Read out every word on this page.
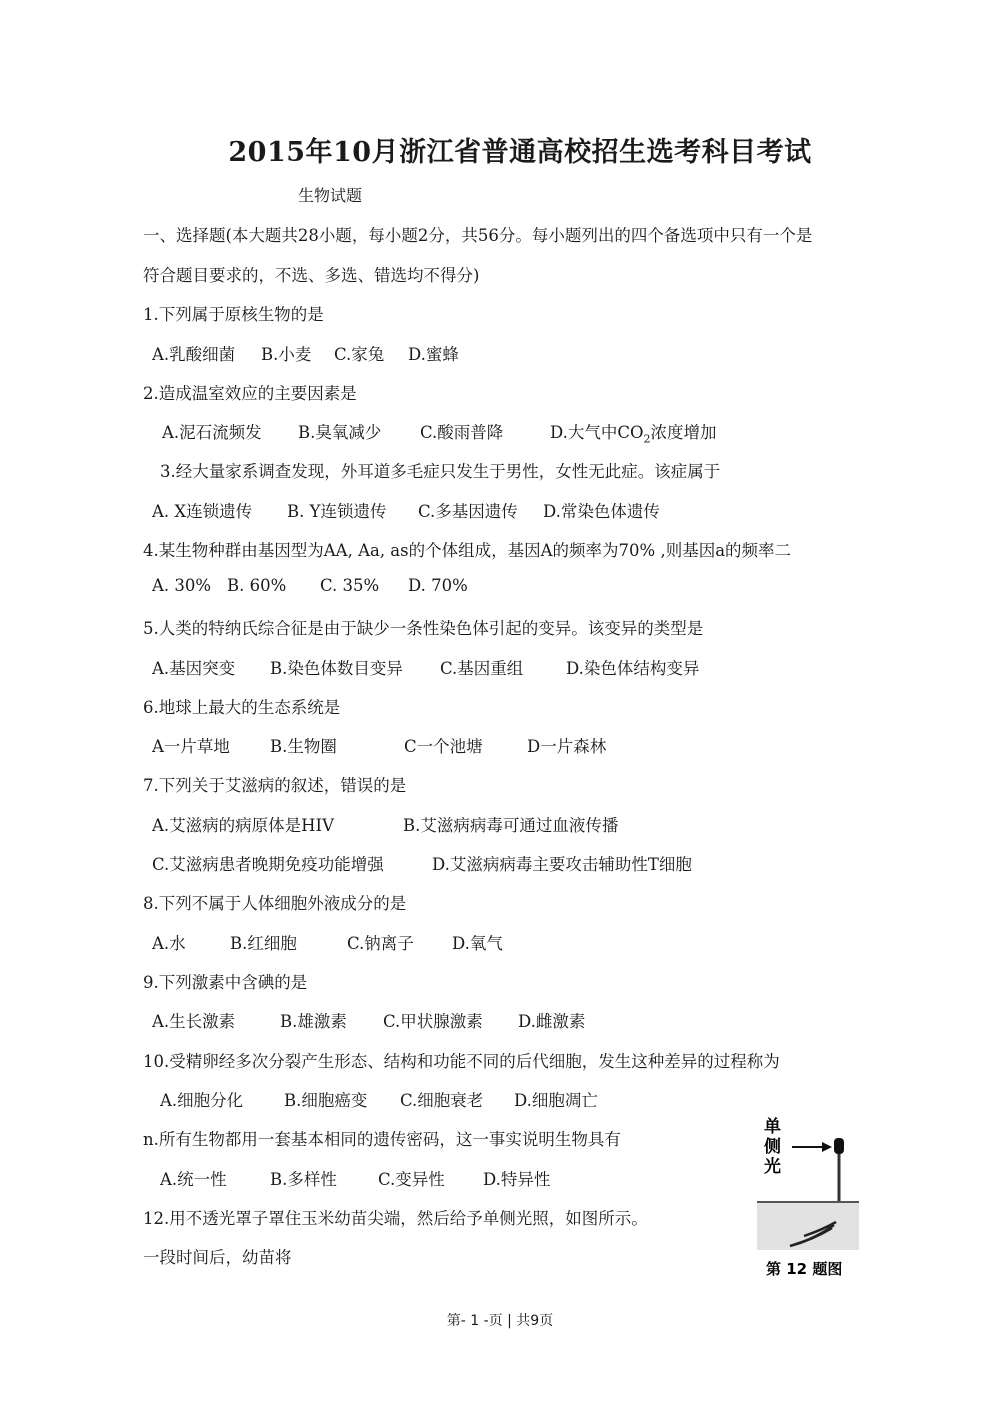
2015年10月浙江省普通高校招生选考科目考试
生物试题
一、选择题(本大题共28小题，每小题2分，共56分。每小题列出的四个备选项中只有一个是
符合题目要求的，不选、多选、错选均不得分)
1.下列属于原核生物的是
A.乳酸细菌 B.小麦 C.家兔 D.蜜蜂
2.造成温室效应的主要因素是
A.泥石流频发 B.臭氧减少 C.酸雨普降	D.大气中$CO_2$浓度增加
3.经大量家系调查发现，外耳道多毛症只发生于男性，女性无此症。该症属于
A. X连锁遗传 B. Y连锁遗传 C.多基因遗传 D.常染色体遗传
4.某生物种群由基因型为AA, Aa, as的个体组成，基因A的频率为70% ,则基因a的频率二
A. 30% B. 60% C. 35% D. 70%
5.人类的特纳氏综合征是由于缺少一条性染色体引起的变异。该变异的类型是
A.基因突变 B.染色体数目变异 C.基因重组	D.染色体结构变异
6.地球上最大的生态系统是
A一片草地 B.生物圈	C一个池塘	D一片森林
7.下列关于艾滋病的叙述，错误的是
A.艾滋病的病原体是HIV	B.艾滋病病毒可通过血液传播
C.艾滋病患者晚期免疫功能增强	D.艾滋病病毒主要攻击辅助性T细胞
8.下列不属于人体细胞外液成分的是
A.水	B.红细胞	C.钠离子 D.氧气
9.下列激素中含碘的是
A.生长激素	B.雄激素 C.甲状腺激素 D.雌激素
10.受精卵经多次分裂产生形态、结构和功能不同的后代细胞，发生这种差异的过程称为
A.细胞分化 B.细胞癌变 C.细胞衰老 D.细胞凋亡
n.所有生物都用一套基本相同的遗传密码，这一事实说明生物具有
A.统一性	B.多样性 C.变异性 D.特异性
12.用不透光罩子罩住玉米幼苗尖端，然后给予单侧光照，如图所示。
一段时间后，幼苗将
单
侧
光
第 12 题图
第- 1 -页 | 共9页
